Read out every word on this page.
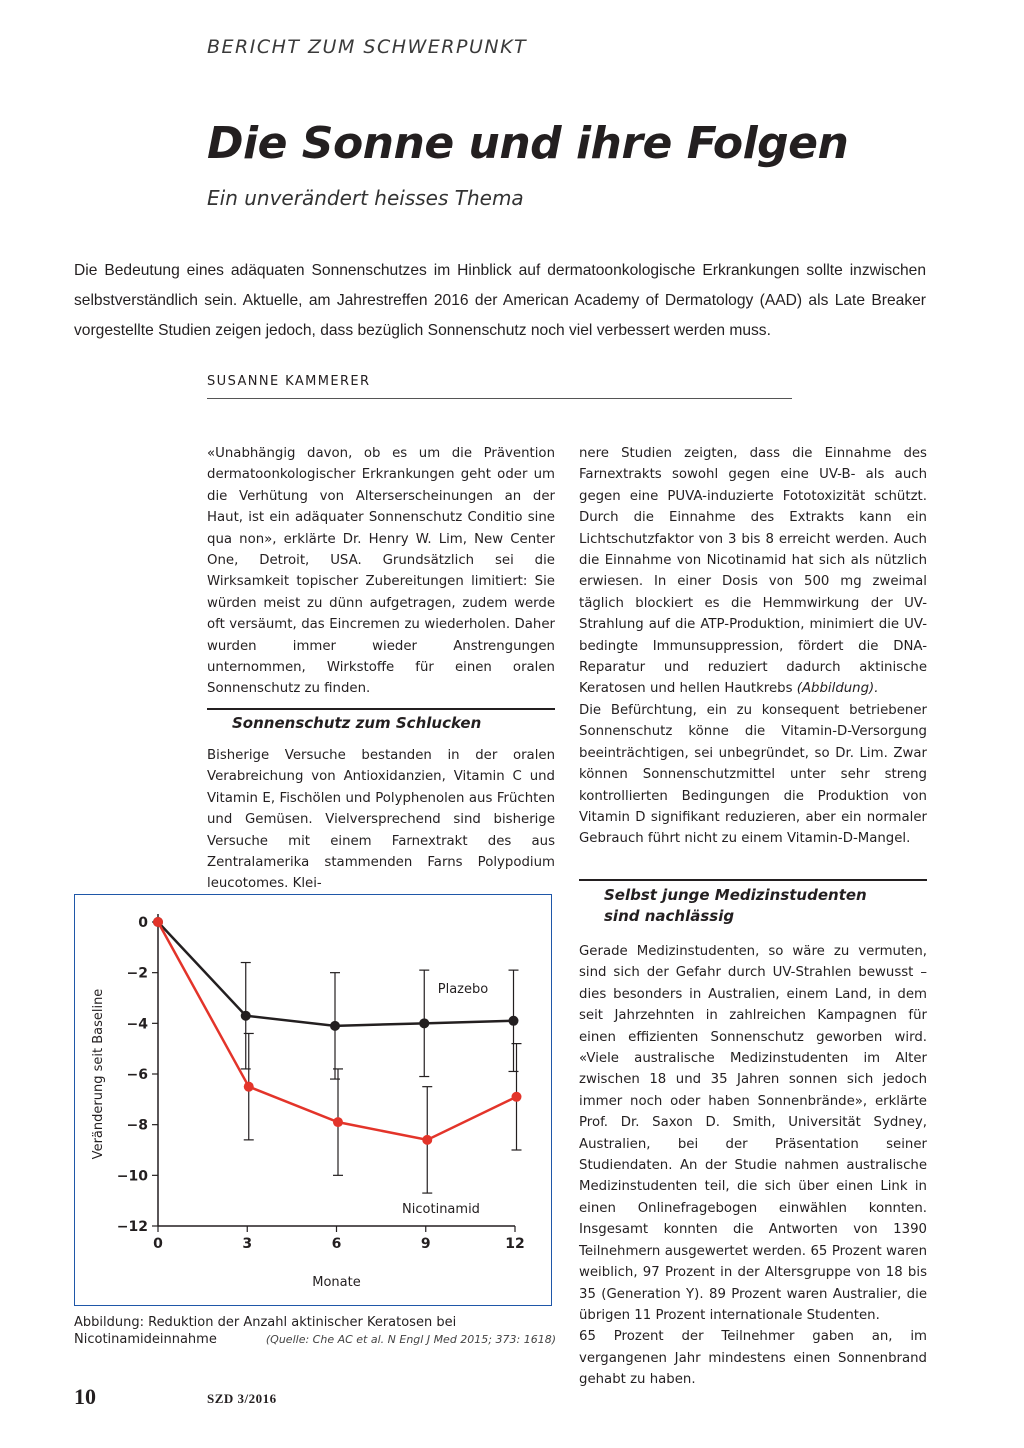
BERICHT ZUM SCHWERPUNKT
Die Sonne und ihre Folgen
Ein unverändert heisses Thema
Die Bedeutung eines adäquaten Sonnenschutzes im Hinblick auf dermatoonkologische Erkrankungen sollte inzwischen selbstverständlich sein. Aktuelle, am Jahrestreffen 2016 der American Academy of Dermatology (AAD) als Late Breaker vorgestellte Studien zeigen jedoch, dass bezüglich Sonnenschutz noch viel verbessert werden muss.
SUSANNE KAMMERER

«Unabhängig davon, ob es um die Prävention dermatoonkologischer Erkrankungen geht oder um die Verhütung von Alterserscheinungen an der Haut, ist ein adäquater Sonnenschutz Conditio sine qua non», erklärte Dr. Henry W. Lim, New Center One, Detroit, USA. Grundsätzlich sei die Wirksamkeit topischer Zubereitungen limitiert: Sie würden meist zu dünn aufgetragen, zudem werde oft versäumt, das Eincremen zu wiederholen. Daher wurden immer wieder Anstrengungen unternommen, Wirkstoffe für einen oralen Sonnenschutz zu finden.

Sonnenschutz zum Schlucken

Bisherige Versuche bestanden in der oralen Verabreichung von Antioxidanzien, Vitamin C und Vitamin E, Fischölen und Polyphenolen aus Früchten und Gemüsen. Vielversprechend sind bisherige Versuche mit einem Farnextrakt des aus Zentralamerika stammenden Farns Polypodium leucotomes. Klei-

nere Studien zeigten, dass die Einnahme des Farnextrakts sowohl gegen eine UV-B- als auch gegen eine PUVA-induzierte Fototoxizität schützt. Durch die Einnahme des Extrakts kann ein Lichtschutzfaktor von 3 bis 8 erreicht werden. Auch die Einnahme von Nicotinamid hat sich als nützlich erwiesen. In einer Dosis von 500 mg zweimal täglich blockiert es die Hemmwirkung der UV-Strahlung auf die ATP-Produktion, minimiert die UV-bedingte Immunsuppression, fördert die DNA-Reparatur und reduziert dadurch aktinische Keratosen und hellen Hautkrebs (Abbildung).

Die Befürchtung, ein zu konsequent betriebener Sonnenschutz könne die Vitamin-D-Versorgung beeinträchtigen, sei unbegründet, so Dr. Lim. Zwar können Sonnenschutzmittel unter sehr streng kontrollierten Bedingungen die Produktion von Vitamin D signifikant reduzieren, aber ein normaler Gebrauch führt nicht zu einem Vitamin-D-Mangel.

Selbst junge Medizinstudenten
sind nachlässig

Gerade Medizinstudenten, so wäre zu vermuten, sind sich der Gefahr durch UV-Strahlen bewusst – dies besonders in Australien, einem Land, in dem seit Jahrzehnten in zahlreichen Kampagnen für einen effizienten Sonnenschutz geworben wird. «Viele australische Medizinstudenten im Alter zwischen 18 und 35 Jahren sonnen sich jedoch immer noch oder haben Sonnenbrände», erklärte Prof. Dr. Saxon D. Smith, Universität Sydney, Australien, bei der Präsentation seiner Studiendaten. An der Studie nahmen australische Medizinstudenten teil, die sich über einen Link in einen Onlinefragebogen einwählen konnten. Insgesamt konnten die Antworten von 1390 Teilnehmern ausgewertet werden. 65 Prozent waren weiblich, 97 Prozent in der Altersgruppe von 18 bis 35 (Generation Y). 89 Prozent waren Australier, die übrigen 11 Prozent internationale Studenten.

65 Prozent der Teilnehmer gaben an, im vergangenen Jahr mindestens einen Sonnenbrand gehabt zu haben.

0
−2
−4
−6
−8
−10
−12
0	3	6	9	12
Monate
Veränderung seit Baseline	Plazebo
Nicotinamid
Abbildung: Reduktion der Anzahl aktinischer Keratosen bei Nicotinamideinnahme	(Quelle: Che AC et al. N Engl J Med 2015; 373: 1618)
10	SZD 3/2016
